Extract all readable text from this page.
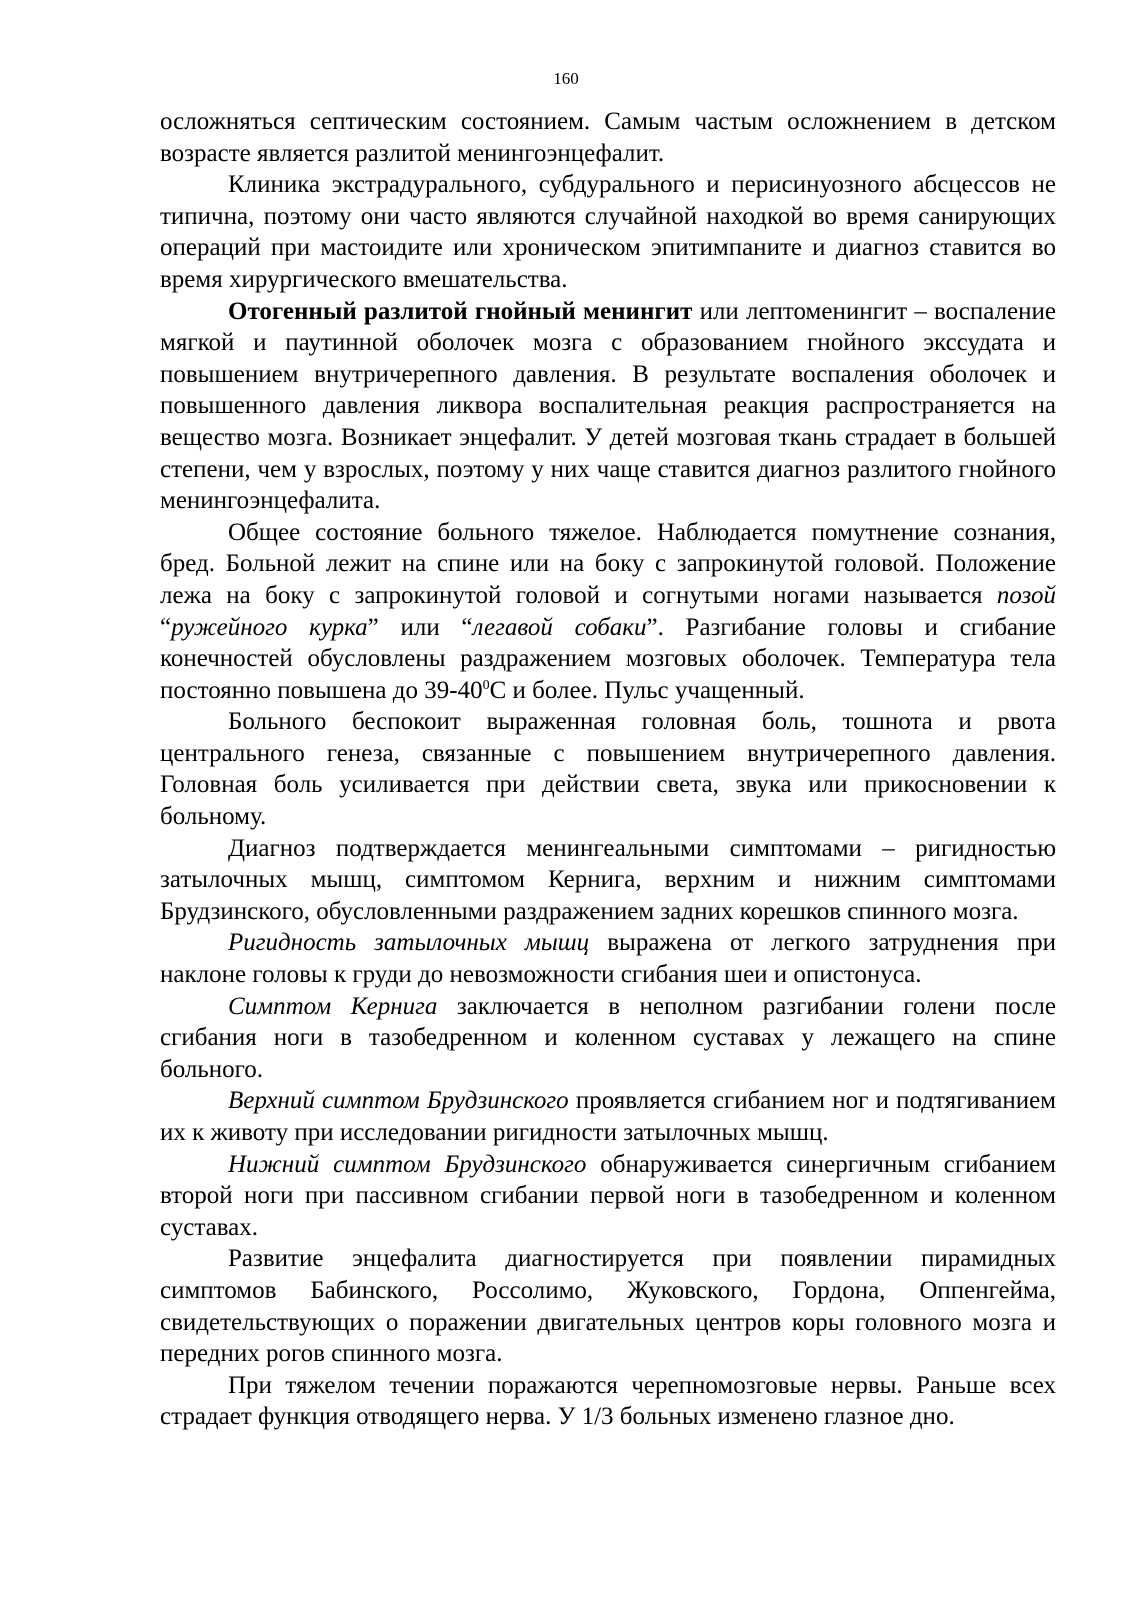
160

осложняться септическим состоянием. Самым частым осложнением в детском возрасте является разлитой менингоэнцефалит.

Клиника экстрадурального, субдурального и перисинуозного абсцессов не типична, поэтому они часто являются случайной находкой во время санирующих операций при мастоидите или хроническом эпитимпаните и диагноз ставится во время хирургического вмешательства.

Отогенный разлитой гнойный менингит или лептоменингит – воспаление мягкой и паутинной оболочек мозга с образованием гнойного экссудата и повышением внутричерепного давления. В результате воспаления оболочек и повышенного давления ликвора воспалительная реакция распространяется на вещество мозга. Возникает энцефалит. У детей мозговая ткань страдает в большей степени, чем у взрослых, поэтому у них чаще ставится диагноз разлитого гнойного менингоэнцефалита.

Общее состояние больного тяжелое. Наблюдается помутнение сознания, бред. Больной лежит на спине или на боку с запрокинутой головой. Положение лежа на боку с запрокинутой головой и согнутыми ногами называется позой “ружейного курка” или “легавой собаки”. Разгибание головы и сгибание конечностей обусловлены раздражением мозговых оболочек. Температура тела постоянно повышена до $39-40^0С$ и более. Пульс учащенный.

Больного беспокоит выраженная головная боль, тошнота и рвота центрального генеза, связанные с повышением внутричерепного давления. Головная боль усиливается при действии света, звука или прикосновении к больному.

Диагноз подтверждается менингеальными симптомами – ригидностью затылочных мышц, симптомом Кернига, верхним и нижним симптомами Брудзинского, обусловленными раздражением задних корешков спинного мозга.

Ригидность затылочных мышц выражена от легкого затруднения при наклоне головы к груди до невозможности сгибания шеи и опистонуса.

Симптом Кернига заключается в неполном разгибании голени после сгибания ноги в тазобедренном и коленном суставах у лежащего на спине больного.

Верхний симптом Брудзинского проявляется сгибанием ног и подтягиванием их к животу при исследовании ригидности затылочных мышц.

Нижний симптом Брудзинского обнаруживается синергичным сгибанием второй ноги при пассивном сгибании первой ноги в тазобедренном и коленном суставах.

Развитие энцефалита диагностируется при появлении пирамидных симптомов Бабинского, Россолимо, Жуковского, Гордона, Оппенгейма, свидетельствующих о поражении двигательных центров коры головного мозга и передних рогов спинного мозга.

При тяжелом течении поражаются черепномозговые нервы. Раньше всех страдает функция отводящего нерва. У 1/3 больных изменено глазное дно.
